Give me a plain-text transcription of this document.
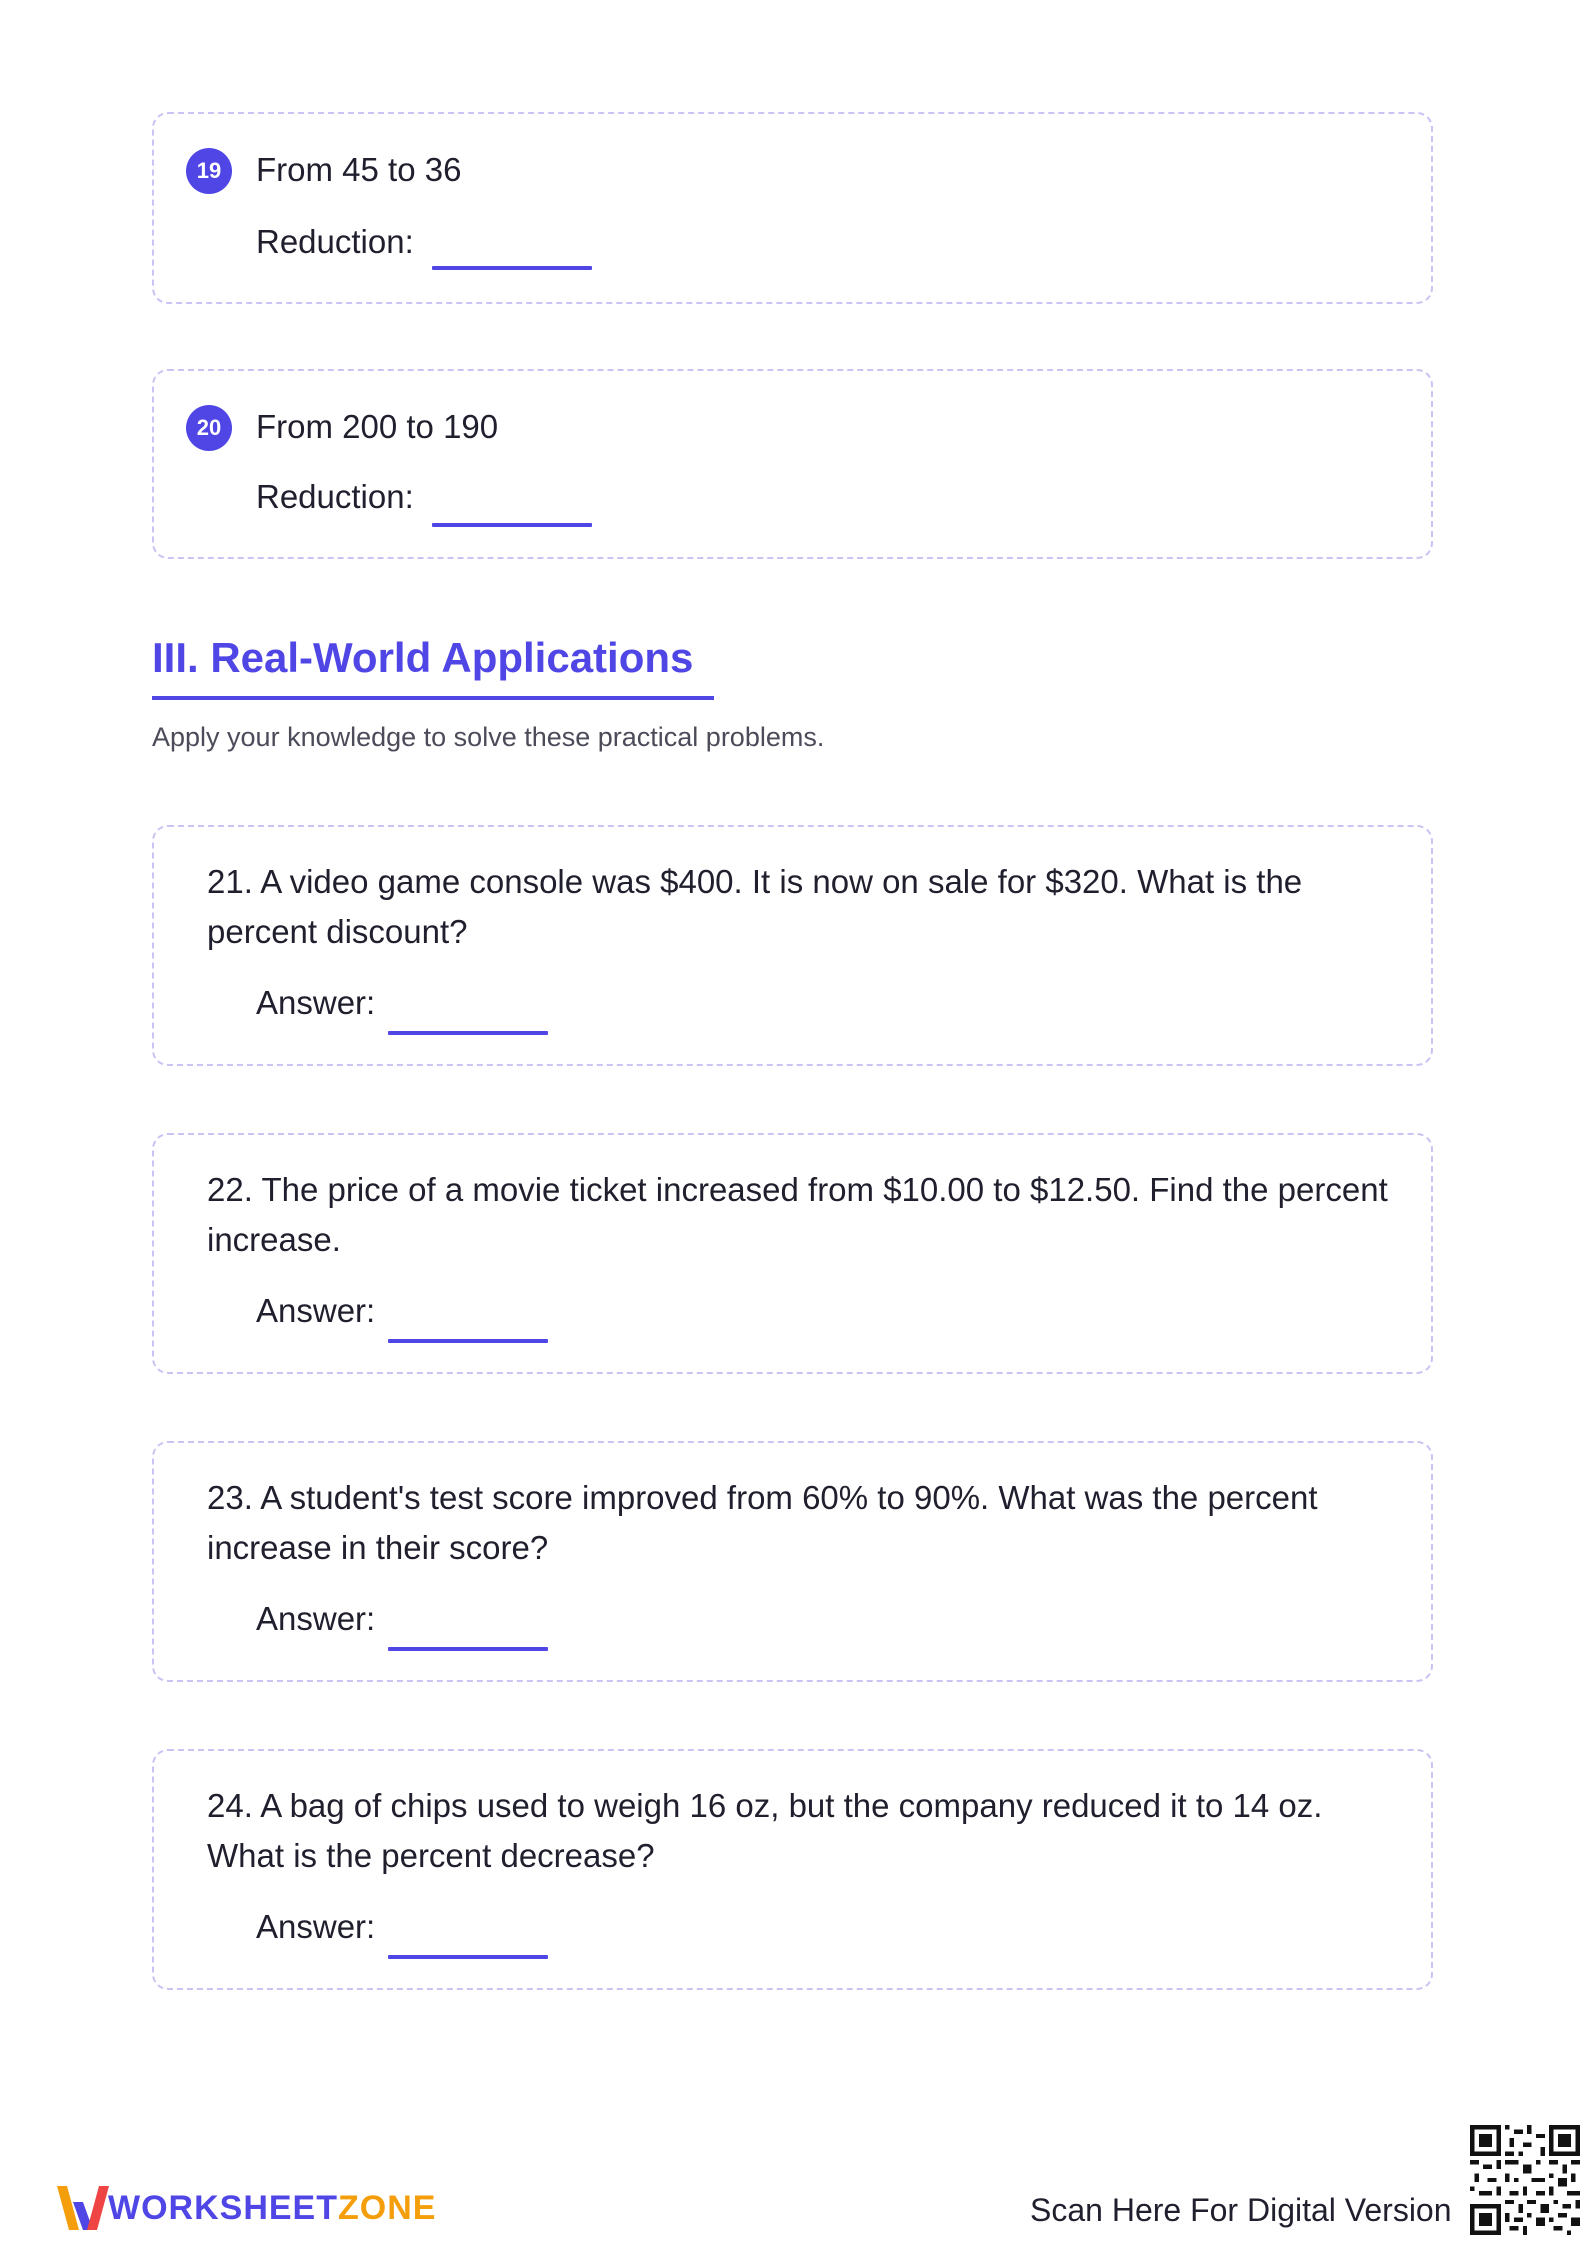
19	From 45 to 36
Reduction:
20	From 200 to 190
Reduction:
III. Real-World Applications
Apply your knowledge to solve these practical problems.
21. A video game console was $400. It is now on sale for $320. What is the percent discount?
Answer:
22. The price of a movie ticket increased from $10.00 to $12.50. Find the percent increase.
Answer:
23. A student's test score improved from 60% to 90%. What was the percent increase in their score?
Answer:
24. A bag of chips used to weigh 16 oz, but the company reduced it to 14 oz. What is the percent decrease?
Answer:
WORKSHEETZONE	Scan Here For Digital Version
